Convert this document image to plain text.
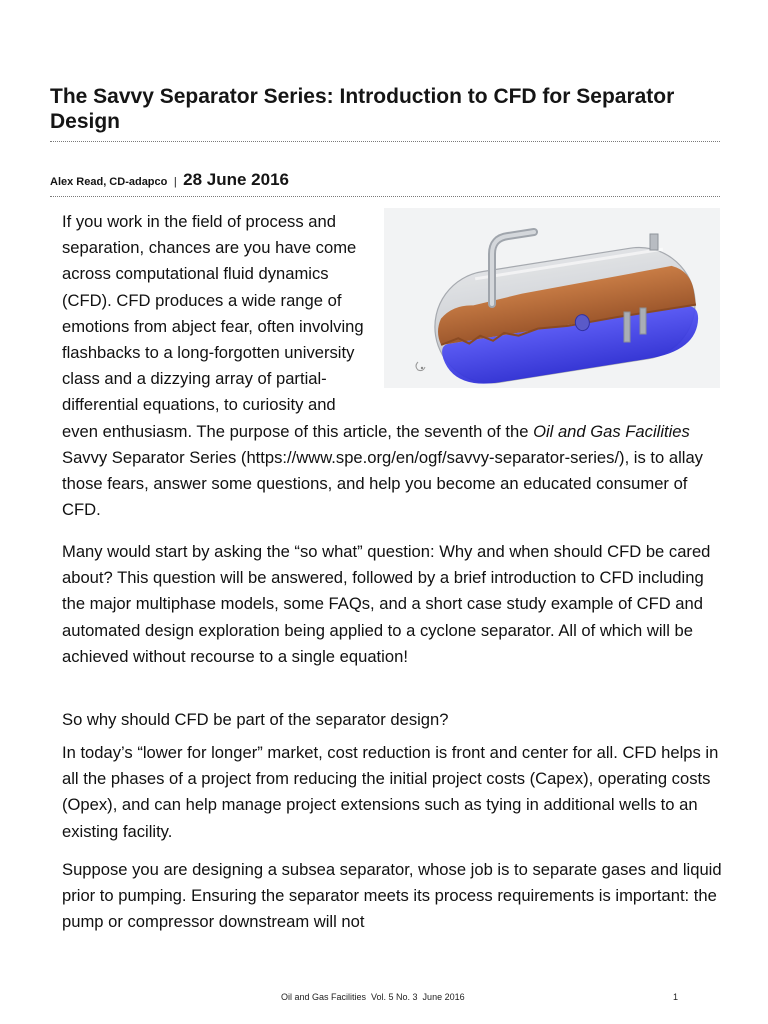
The Savvy Separator Series: Introduction to CFD for Separator Design
Alex Read, CD-adapco | 28 June 2016

If you work in the field of process and separation, chances are you have come across computational fluid dynamics (CFD). CFD produces a wide range of emotions from abject fear, often involving flashbacks to a long-forgotten university class and a dizzying array of partial-differential equations, to curiosity and even enthusiasm. The purpose of this article, the seventh of the Oil and Gas Facilities Savvy Separator Series (https://www.spe.org/en/ogf/savvy-separator-series/), is to allay those fears, answer some questions, and help you become an educated consumer of CFD.

Many would start by asking the “so what” question: Why and when should CFD be cared about? This question will be answered, followed by a brief introduction to CFD including the major multiphase models, some FAQs, and a short case study example of CFD and automated design exploration being applied to a cyclone separator. All of which will be achieved without recourse to a single equation!

So why should CFD be part of the separator design?

In today’s “lower for longer” market, cost reduction is front and center for all. CFD helps in all the phases of a project from reducing the initial project costs (Capex), operating costs (Opex), and can help manage project extensions such as tying in additional wells to an existing facility.

Suppose you are designing a subsea separator, whose job is to separate gases and liquid prior to pumping. Ensuring the separator meets its process requirements is important: the pump or compressor downstream will not

Oil and Gas Facilities  Vol. 5 No. 3  June 2016	1
